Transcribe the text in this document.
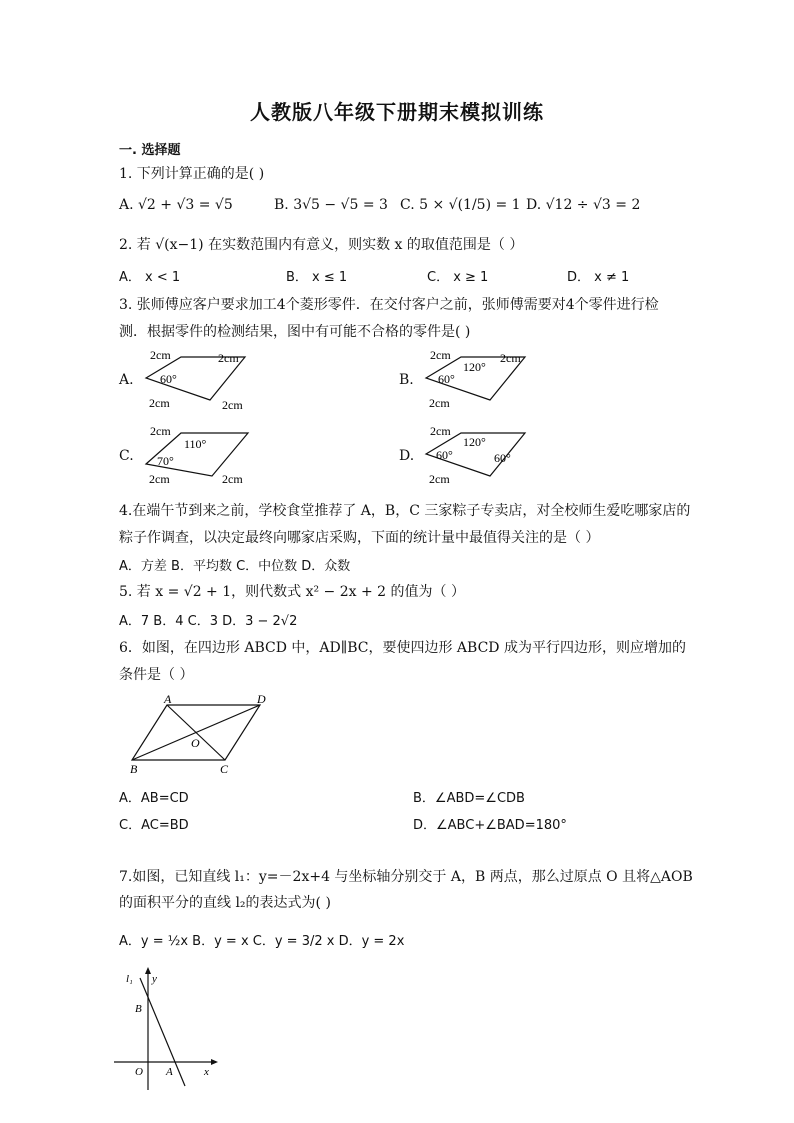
人教版八年级下册期末模拟训练
一. 选择题
1. 下列计算正确的是( )
A. √2 + √3 = √5	B. 3√5 − √5 = 3 C. 5 × √(1/5) = 1 D. √12 ÷ √3 = 2
2. 若 √(x−1) 在实数范围内有意义，则实数 x 的取值范围是（ ）
A． x < 1	B． x ≤ 1	C． x ≥ 1	D． x ≠ 1
3. 张师傅应客户要求加工4个菱形零件．在交付客户之前，张师傅需要对4个零件进行检
测．根据零件的检测结果，图中有可能不合格的零件是( )
A.
2cm	2cm
2cm	2cm
60°	B.
2cm	2cm
2cm
60°
120°
C.
2cm
2cm	2cm
70°
110°
D.
2cm
2cm
60°
120°
60°
4.在端午节到来之前，学校食堂推荐了 A，B，C 三家粽子专卖店，对全校师生爱吃哪家店的
粽子作调查，以决定最终向哪家店采购，下面的统计量中最值得关注的是（ ）
A．方差 B．平均数 C．中位数 D．众数
5. 若 x = √2 + 1，则代数式 x² − 2x + 2 的值为（ ）
A．7 B．4 C．3 D．3 − 2√2
6．如图，在四边形 ABCD 中，AD∥BC，要使四边形 ABCD 成为平行四边形，则应增加的
条件是（ ）
A	D
B	C
O
A．AB=CD	B．∠ABD=∠CDB
C．AC=BD	D．∠ABC+∠BAD=180°
7.如图，已知直线 l₁：y=－2x+4 与坐标轴分别交于 A，B 两点，那么过原点 O 且将△AOB
的面积平分的直线 l₂的表达式为( )
A．y = ½x B．y = x C．y = 3/2 x D．y = 2x
l₁ y
x
B
O A
